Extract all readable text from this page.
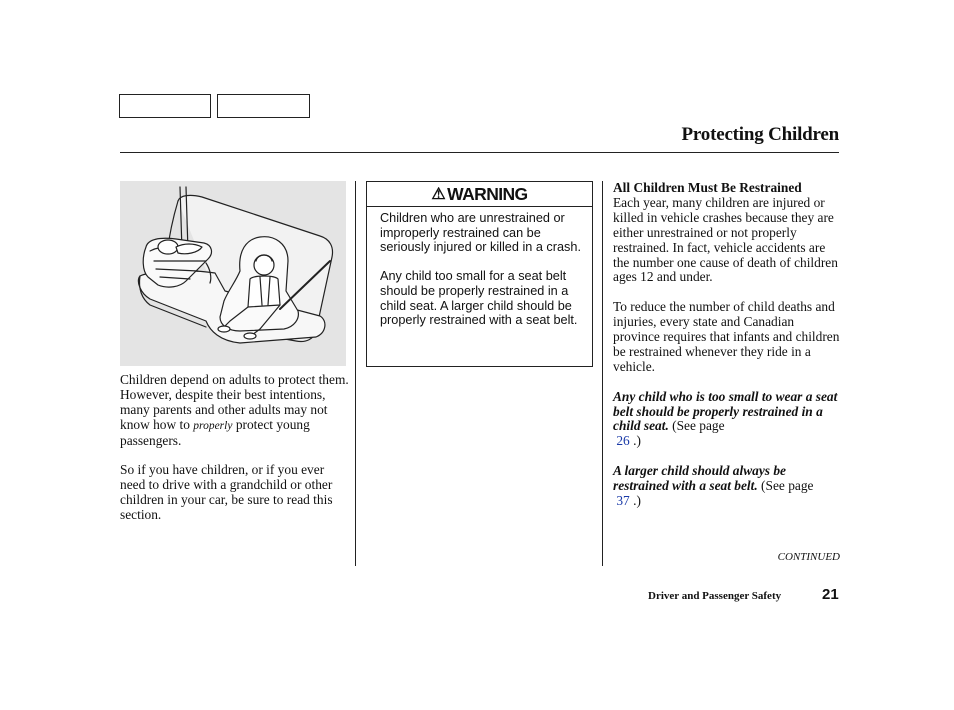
Protecting Children

Children depend on adults to protect them. However, despite their best intentions, many parents and other adults may not know how to properly protect young passengers.

So if you have children, or if you ever need to drive with a grandchild or other children in your car, be sure to read this section.

⚠ WARNING

Children who are unrestrained or improperly restrained can be seriously injured or killed in a crash.

Any child too small for a seat belt should be properly restrained in a child seat. A larger child should be properly restrained with a seat belt.

All Children Must Be Restrained

Each year, many children are injured or killed in vehicle crashes because they are either unrestrained or not properly restrained. In fact, vehicle accidents are the number one cause of death of children ages 12 and under.

To reduce the number of child deaths and injuries, every state and Canadian province requires that infants and children be restrained whenever they ride in a vehicle.

Any child who is too small to wear a seat belt should be properly restrained in a child seat. (See page
26 .)

A larger child should always be restrained with a seat belt. (See page
37 .)

CONTINUED
Driver and Passenger Safety	21
